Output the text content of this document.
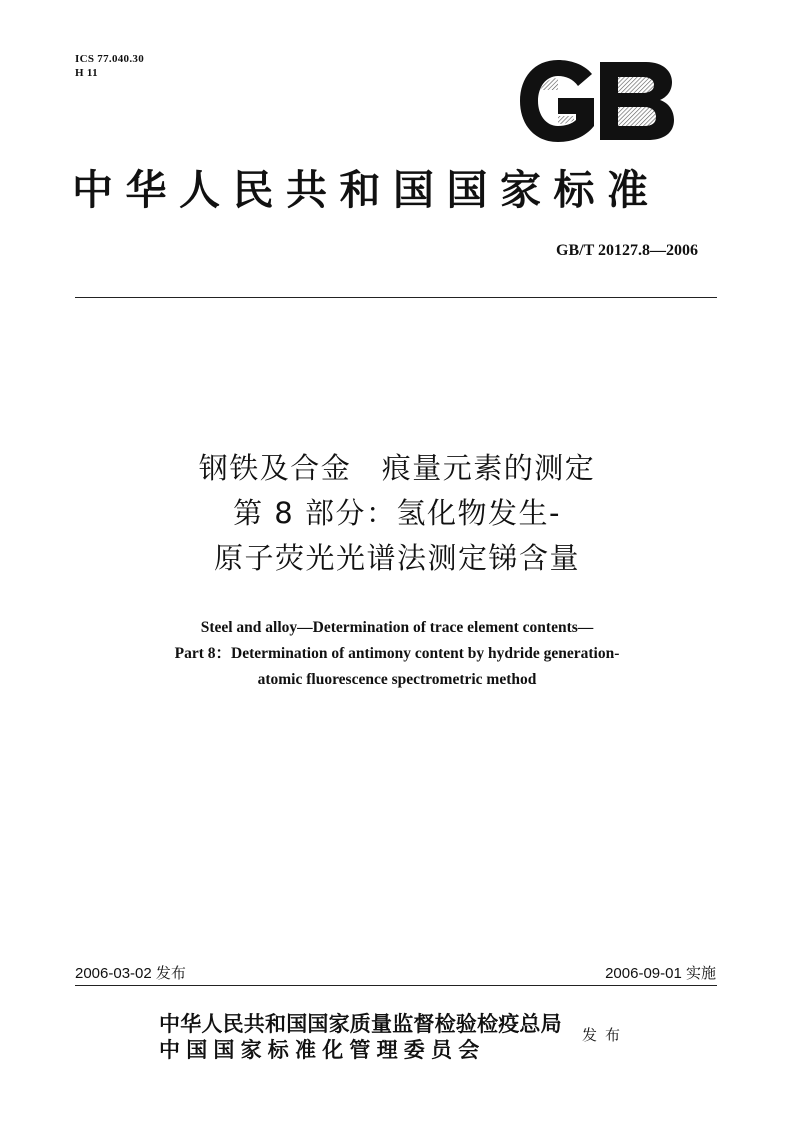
ICS 77.040.30
H 11
中华人民共和国国家标准
GB/T 20127.8—2006
钢铁及合金　痕量元素的测定
第 8 部分：氢化物发生-
原子荧光光谱法测定锑含量
Steel and alloy—Determination of trace element contents—
Part 8：Determination of antimony content by hydride generation-
atomic fluorescence spectrometric method
2006-03-02 发布	2006-09-01 实施
中华人民共和国国家质量监督检验检疫总局
中国国家标准化管理委员会
发布
